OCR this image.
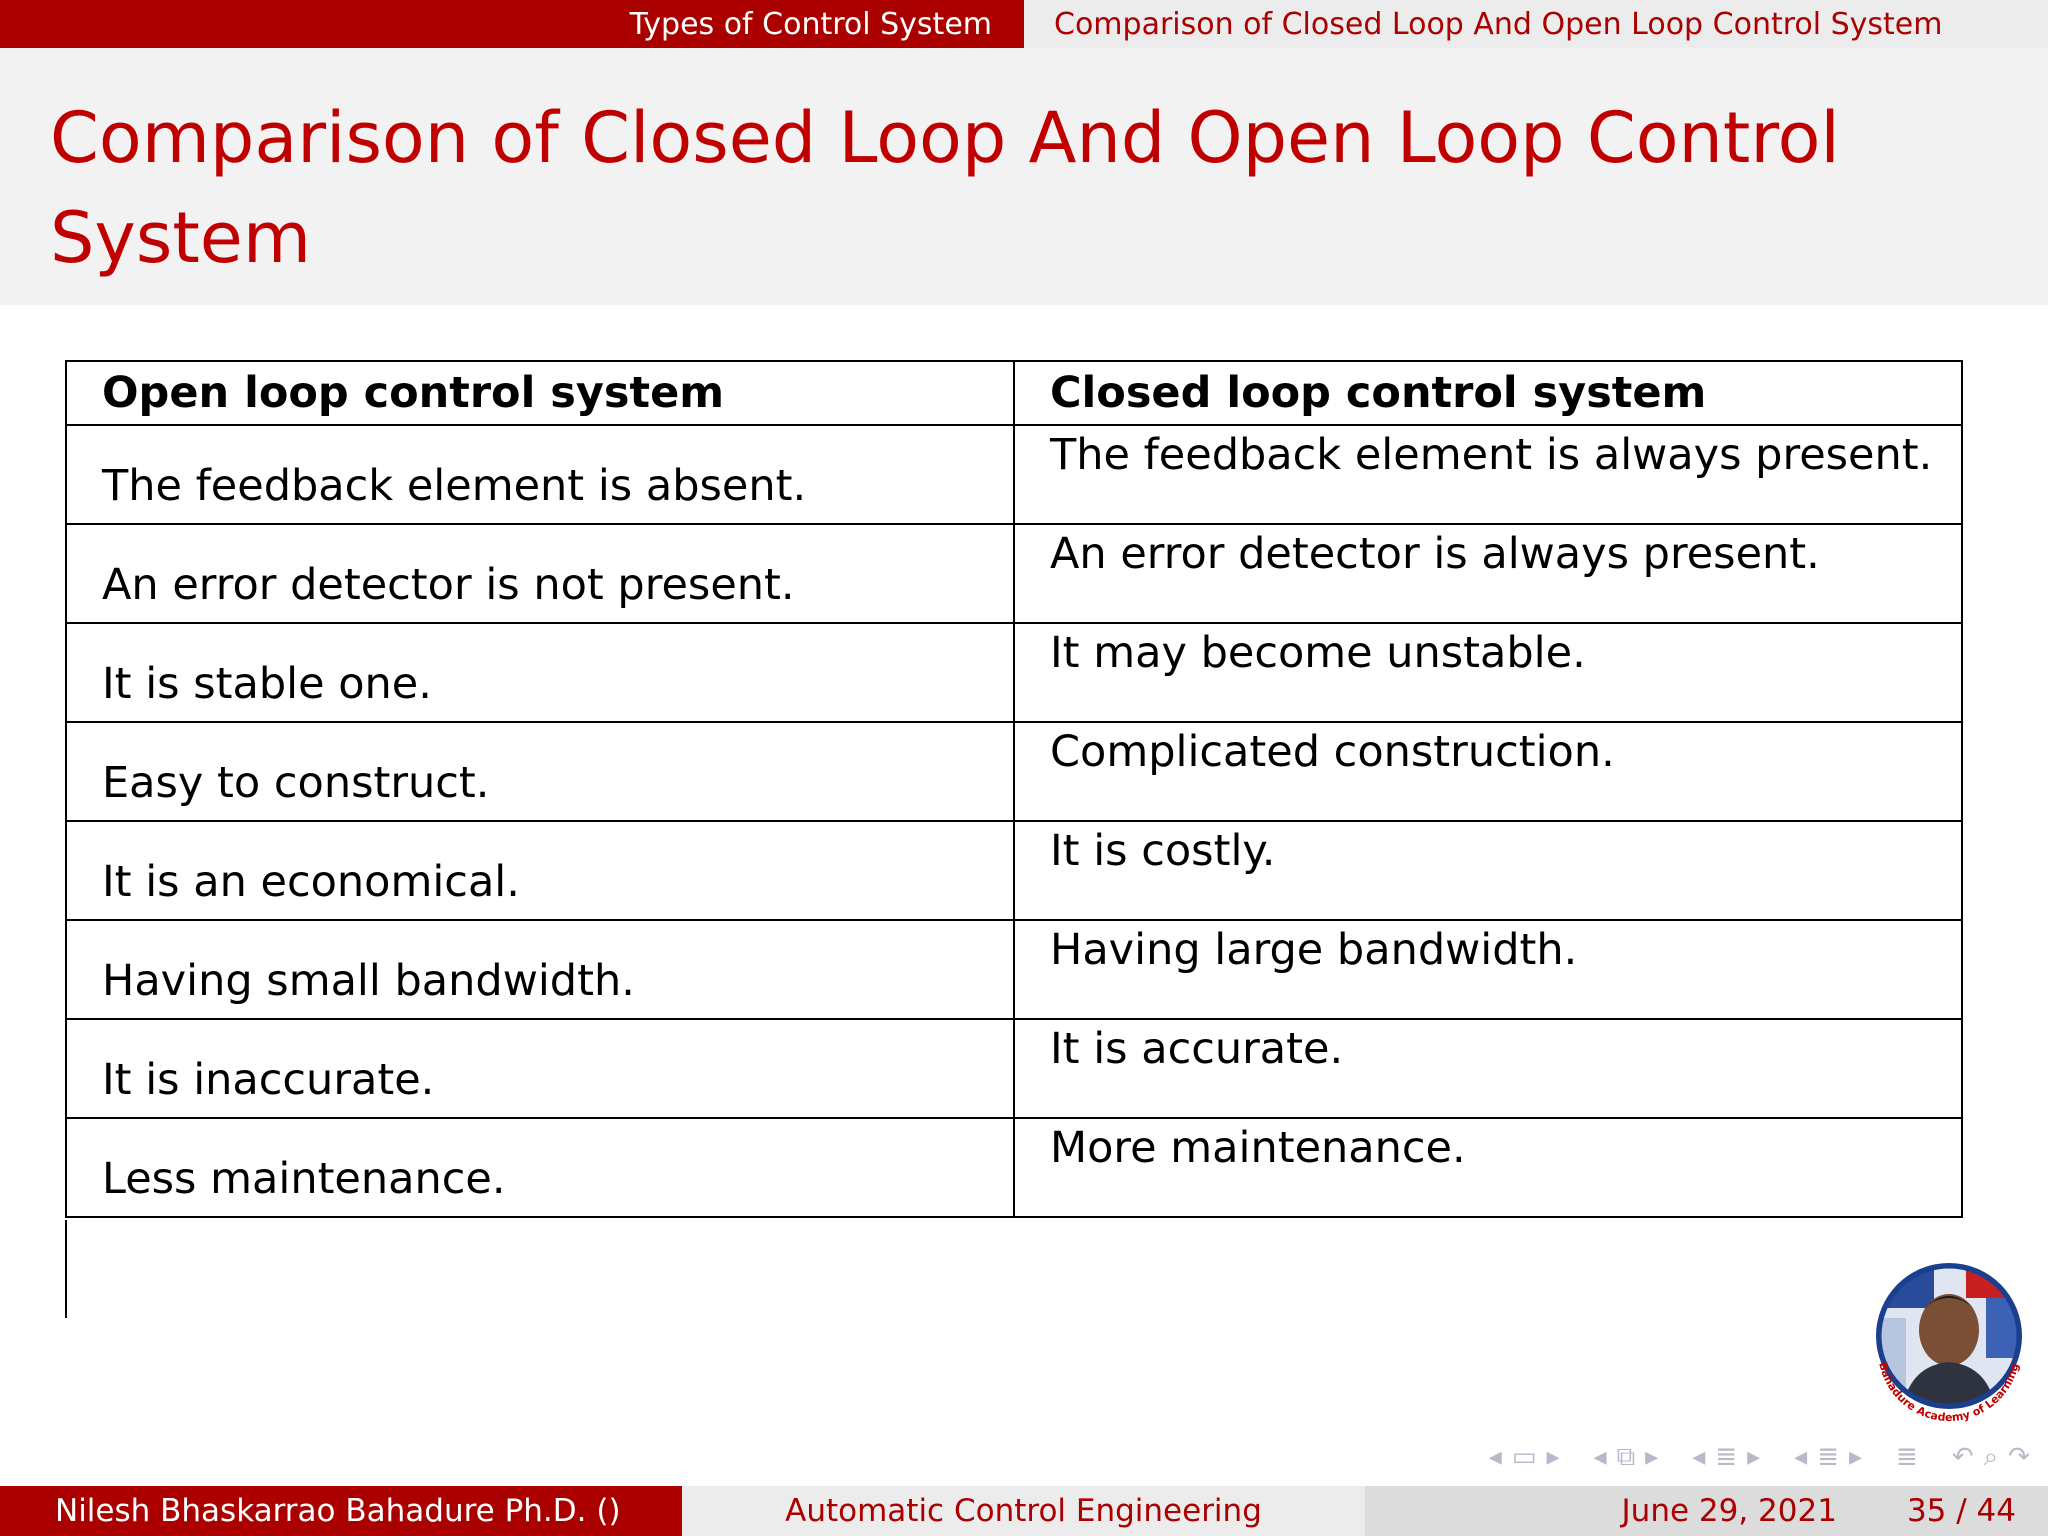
Types of Control System	Comparison of Closed Loop And Open Loop Control System
Comparison of Closed Loop And Open Loop Control System
Open loop control system	Closed loop control system
The feedback element is absent.	The feedback element is always present.
An error detector is not present.	An error detector is always present.
It is stable one.	It may become unstable.
Easy to construct.	Complicated construction.
It is an economical.	It is costly.
Having small bandwidth.	Having large bandwidth.
It is inaccurate.	It is accurate.
Less maintenance.	More maintenance.
Bahadure Academy of Learning
◂ ▭ ▸ ◂ ⧉ ▸ ◂ ≣ ▸ ◂ ≣ ▸ ≣ ↶ ⌕ ↷
Nilesh Bhaskarrao Bahadure Ph.D. ()	Automatic Control Engineering	June 29, 2021 35 / 44
